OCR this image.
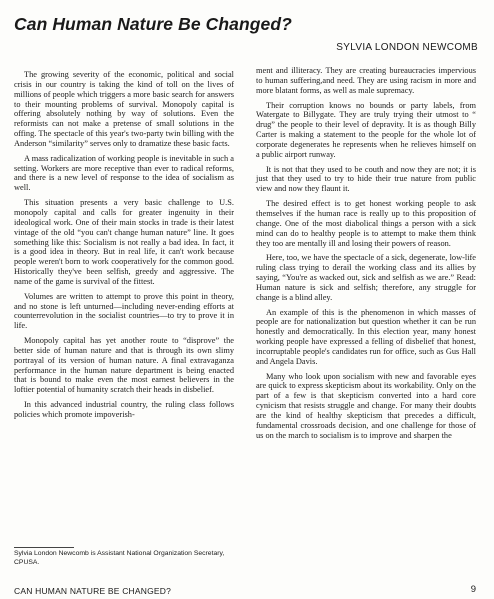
Can Human Nature Be Changed?
SYLVIA LONDON NEWCOMB

The growing severity of the economic, political and social crisis in our country is taking the kind of toll on the lives of millions of people which triggers a more basic search for answers to their mounting problems of survival. Monopoly capital is offering absolutely nothing by way of solutions. Even the reformists can not make a pretense of small solutions in the offing. The spectacle of this year's two-party twin billing with the Anderson “similarity” serves only to dramatize these basic facts.

A mass radicalization of working people is inevitable in such a setting. Workers are more receptive than ever to radical reforms, and there is a new level of response to the idea of socialism as well.

This situation presents a very basic challenge to U.S. monopoly capital and calls for greater ingenuity in their ideological work. One of their main stocks in trade is their latest vintage of the old “you can't change human nature” line. It goes something like this: Socialism is not really a bad idea. In fact, it is a good idea in theory. But in real life, it can't work because people weren't born to work cooperatively for the common good. Historically they've been selfish, greedy and aggressive. The name of the game is survival of the fittest.

Volumes are written to attempt to prove this point in theory, and no stone is left unturned—including never-ending efforts at counterrevolution in the socialist countries—to try to prove it in life.

Monopoly capital has yet another route to “disprove” the better side of human nature and that is through its own slimy portrayal of its version of human nature. A final extravaganza performance in the human nature department is being enacted that is bound to make even the most earnest believers in the loftier potential of humanity scratch their heads in disbelief.

In this advanced industrial country, the ruling class follows policies which promote impoverish-

ment and illiteracy. They are creating bureaucracies impervious to human suffering,and need. They are using racism in more and more blatant forms, as well as male supremacy.

Their corruption knows no bounds or party labels, from Watergate to Billygate. They are truly trying their utmost to “ drug” the people to their level of depravity. It is as though Billy Carter is making a statement to the people for the whole lot of corporate degenerates he represents when he relieves himself on a public airport runway.

It is not that they used to be couth and now they are not; it is just that they used to try to hide their true nature from public view and now they flaunt it.

The desired effect is to get honest working people to ask themselves if the human race is really up to this proposition of change. One of the most diabolical things a person with a sick mind can do to healthy people is to attempt to make them think they too are mentally ill and losing their powers of reason.

Here, too, we have the spectacle of a sick, degenerate, low-life ruling class trying to derail the working class and its allies by saying, “You're as wacked out, sick and selfish as we are.” Read: Human nature is sick and selfish; therefore, any struggle for change is a blind alley.

An example of this is the phenomenon in which masses of people are for nationalization but question whether it can be run honestly and democratically. In this election year, many honest working people have expressed a felling of disbelief that honest, incorruptable people's candidates run for office, such as Gus Hall and Angela Davis.

Many who look upon socialism with new and favorable eyes are quick to express skepticism about its workability. Only on the part of a few is that skepticism converted into a hard core cynicism that resists struggle and change. For many their doubts are the kind of healthy skepticism that precedes a difficult, fundamental crossroads decision, and one challenge for those of us on the march to socialism is to improve and sharpen the

Sylvia London Newcomb is Assistant National Organization Secretary, CPUSA.
CAN HUMAN NATURE BE CHANGED?	9
